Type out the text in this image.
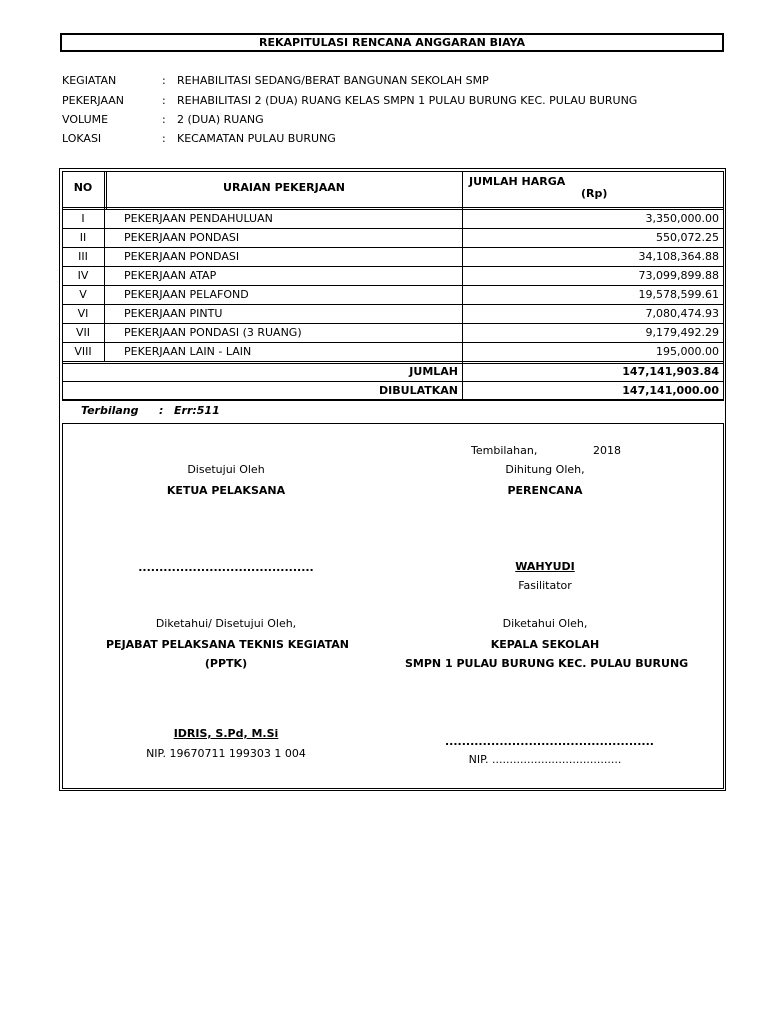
REKAPITULASI RENCANA ANGGARAN BIAYA
KEGIATAN	: REHABILITASI SEDANG/BERAT BANGUNAN SEKOLAH SMP
PEKERJAAN	: REHABILITASI 2 (DUA) RUANG KELAS SMPN 1 PULAU BURUNG KEC. PULAU BURUNG
VOLUME	: 2 (DUA) RUANG
LOKASI	: KECAMATAN PULAU BURUNG
NO	URAIAN PEKERJAAN	JUMLAH HARGA
(Rp)
I	PEKERJAAN PENDAHULUAN	3,350,000.00
II	PEKERJAAN PONDASI	550,072.25
III	PEKERJAAN PONDASI	34,108,364.88
IV	PEKERJAAN ATAP	73,099,899.88
V	PEKERJAAN PELAFOND	19,578,599.61
VI	PEKERJAAN PINTU	7,080,474.93
VII	PEKERJAAN PONDASI (3 RUANG)	9,179,492.29
VIII	PEKERJAAN LAIN - LAIN	195,000.00
JUMLAH	147,141,903.84
DIBULATKAN	147,141,000.00
Terbilang : Err:511
Tembilahan,	2018
Disetujui Oleh
KETUA PELAKSANA
..........................................
Dihitung Oleh,
PERENCANA
WAHYUDI
Fasilitator
Diketahui/ Disetujui Oleh,
PEJABAT PELAKSANA TEKNIS KEGIATAN
(PPTK)
IDRIS, S.Pd, M.Si
NIP. 19670711 199303 1 004
Diketahui Oleh,
KEPALA SEKOLAH
SMPN 1 PULAU BURUNG KEC. PULAU BURUNG
..................................................
NIP. .....................................
